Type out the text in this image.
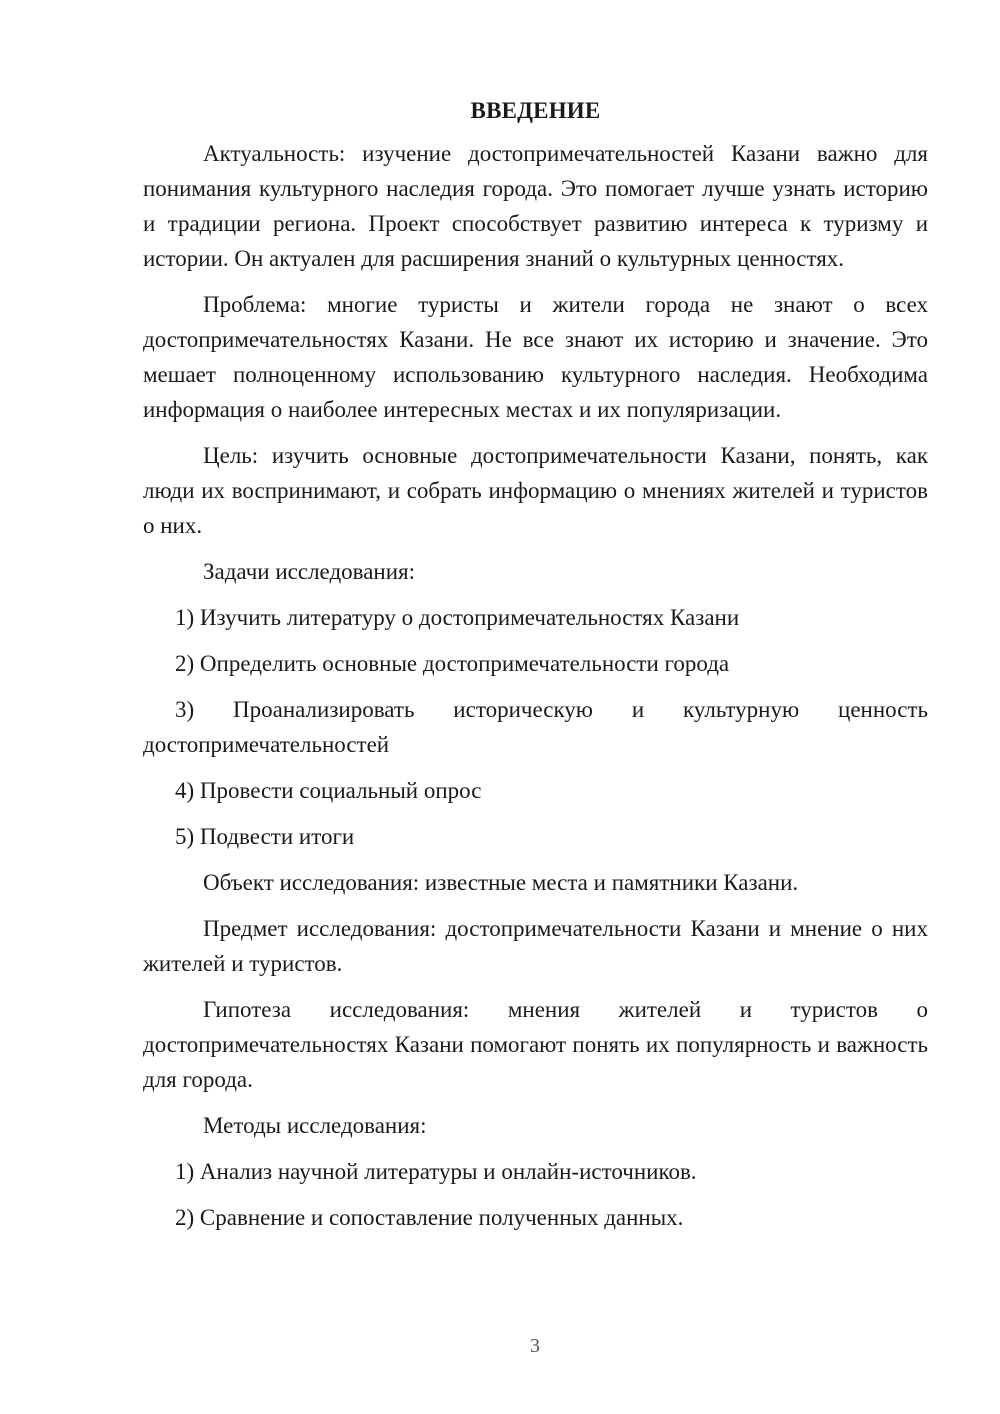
ВВЕДЕНИЕ

Актуальность: изучение достопримечательностей Казани важно для понимания культурного наследия города. Это помогает лучше узнать историю и традиции региона. Проект способствует развитию интереса к туризму и истории. Он актуален для расширения знаний о культурных ценностях.

Проблема: многие туристы и жители города не знают о всех достопримечательностях Казани. Не все знают их историю и значение. Это мешает полноценному использованию культурного наследия. Необходима информация о наиболее интересных местах и их популяризации.

Цель: изучить основные достопримечательности Казани, понять, как люди их воспринимают, и собрать информацию о мнениях жителей и туристов о них.

Задачи исследования:

1) Изучить литературу о достопримечательностях Казани

2) Определить основные достопримечательности города

3) Проанализировать историческую и культурную ценность достопримечательностей

4) Провести социальный опрос

5) Подвести итоги

Объект исследования: известные места и памятники Казани.

Предмет исследования: достопримечательности Казани и мнение о них жителей и туристов.

Гипотеза исследования: мнения жителей и туристов о достопримечательностях Казани помогают понять их популярность и важность для города.

Методы исследования:

1) Анализ научной литературы и онлайн-источников.

2) Сравнение и сопоставление полученных данных.

3
